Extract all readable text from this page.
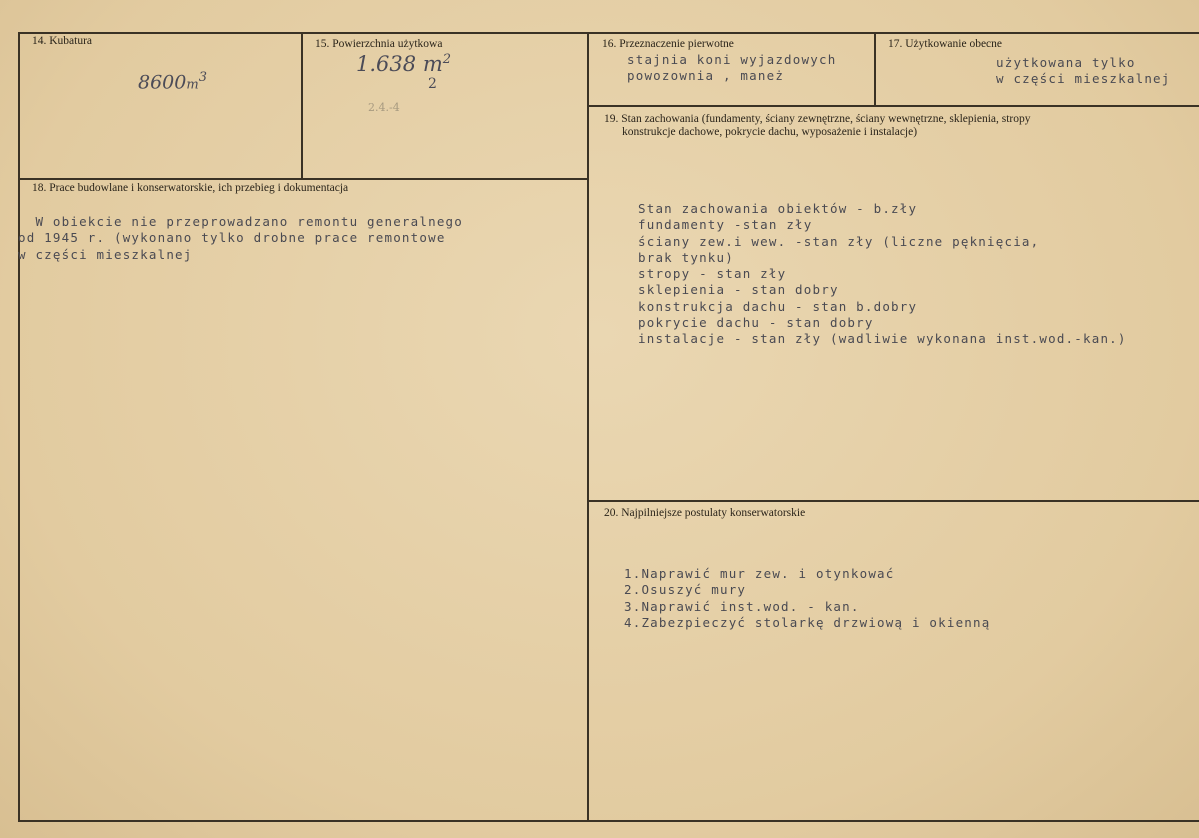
14. Kubatura
$8600m^3$
15. Powierzchnia użytkowa
1.638 $m^2$
2
2.4.-4
16. Przeznaczenie pierwotne
stajnia koni wyjazdowych
powozownia , maneż
17. Użytkowanie obecne
użytkowana tylko
w części mieszkalnej
18. Prace budowlane i konserwatorskie, ich przebieg i dokumentacja
W obiekcie nie przeprowadzano remontu generalnego
od 1945 r. (wykonano tylko drobne prace remontowe
w części mieszkalnej
19. Stan zachowania (fundamenty, ściany zewnętrzne, ściany wewnętrzne, sklepienia, stropy
konstrukcje dachowe, pokrycie dachu, wyposażenie i instalacje)
Stan zachowania obiektów - b.zły
fundamenty -stan zły
ściany zew.i wew. -stan zły (liczne pęknięcia,
brak tynku)
stropy - stan zły
sklepienia - stan dobry
konstrukcja dachu - stan b.dobry
pokrycie dachu - stan dobry
instalacje - stan zły (wadliwie wykonana inst.wod.-kan.)
20. Najpilniejsze postulaty konserwatorskie
1.Naprawić mur zew. i otynkować
2.Osuszyć mury
3.Naprawić inst.wod. - kan.
4.Zabezpieczyć stolarkę drzwiową i okienną
